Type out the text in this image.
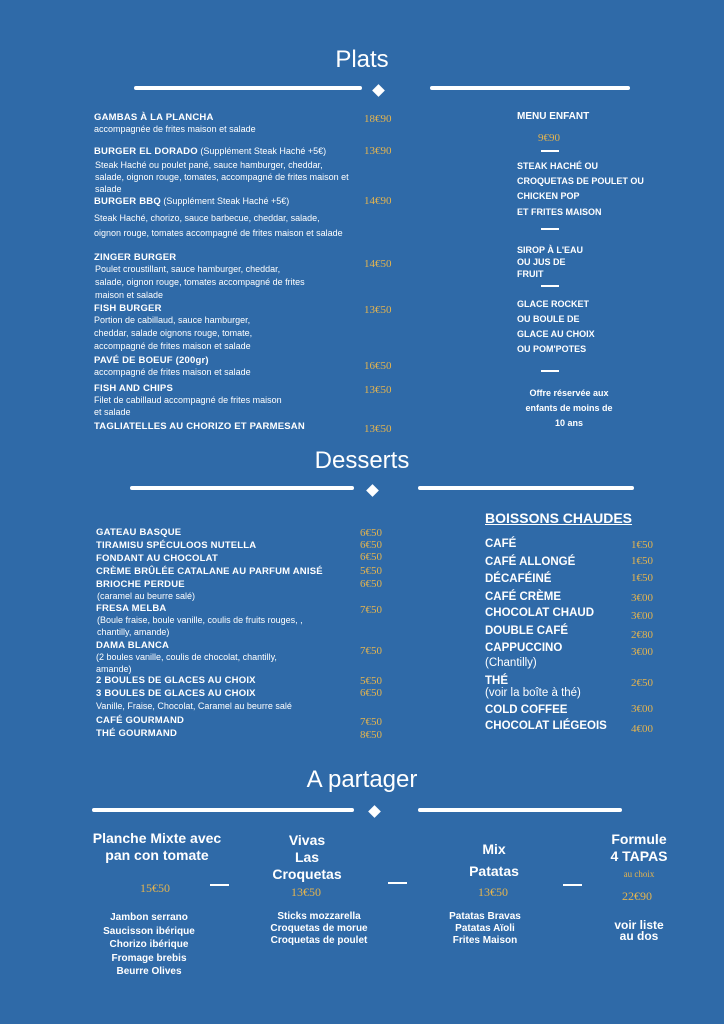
Plats
GAMBAS À LA PLANCHA
accompagnée de frites maison et salade
18€90
BURGER EL DORADO (Supplément Steak Haché +5€)
Steak Haché ou poulet pané, sauce hamburger, cheddar, salade, oignon rouge, tomates, accompagné de frites maison et salade
13€90
BURGER BBQ (Supplément Steak Haché +5€)
Steak Haché, chorizo, sauce barbecue, cheddar, salade, oignon rouge, tomates accompagné de frites maison et salade
14€90
ZINGER BURGER
Poulet croustillant, sauce hamburger, cheddar, salade, oignon rouge, tomates accompagné de frites maison et salade
14€50
FISH BURGER
Portion de cabillaud, sauce hamburger, cheddar, salade oignons rouge, tomate, accompagné de frites maison et salade
13€50
PAVÉ DE BOEUF (200gr)
accompagné de frites maison et salade	16€50
FISH AND CHIPS
Filet de cabillaud accompagné de frites maison et salade
13€50
TAGLIATELLES AU CHORIZO ET PARMESAN	13€50
MENU ENFANT
9€90
STEAK HACHÉ OU
CROQUETAS DE POULET OU
CHICKEN POP
ET FRITES MAISON
SIROP À L'EAU
OU JUS DE
FRUIT
GLACE ROCKET
OU BOULE DE
GLACE AU CHOIX
OU POM'POTES
Offre réservée aux
enfants de moins de
10 ans
Desserts
GATEAU BASQUE	6€50
TIRAMISU SPÉCULOOS NUTELLA	6€50
FONDANT AU CHOCOLAT	6€50
CRÈME BRÛLÉE CATALANE AU PARFUM ANISÉ	5€50
BRIOCHE PERDUE
(caramel au beurre salé)
6€50
FRESA MELBA
(Boule fraise, boule vanille, coulis de fruits rouges, , chantilly, amande)
7€50
DAMA BLANCA
(2 boules vanille, coulis de chocolat, chantilly, amande)
7€50
2 BOULES DE GLACES AU CHOIX	5€50
3 BOULES DE GLACES AU CHOIX
Vanille, Fraise, Chocolat, Caramel au beurre salé
6€50
CAFÉ GOURMAND	7€50
THÉ GOURMAND	8€50
BOISSONS CHAUDES
CAFÉ	1€50
CAFÉ ALLONGÉ	1€50
DÉCAFÉINÉ	1€50
CAFÉ CRÈME	3€00
CHOCOLAT CHAUD	3€00
DOUBLE CAFÉ	2€80
CAPPUCCINO
(Chantilly)
3€00
THÉ
(voir la boîte à thé)
2€50
COLD COFFEE	3€00
CHOCOLAT LIÉGEOIS 4€00
A partager
Planche Mixte avec
pan con tomate
15€50
Jambon serrano
Saucisson ibérique
Chorizo ibérique
Fromage brebis
Beurre Olives
Vivas
Las
Croquetas
13€50
Sticks mozzarella
Croquetas de morue
Croquetas de poulet
Mix
Patatas
13€50
Patatas Bravas
Patatas Aïoli
Frites Maison
Formule
4 TAPAS
au choix
22€90
voir liste
au dos
